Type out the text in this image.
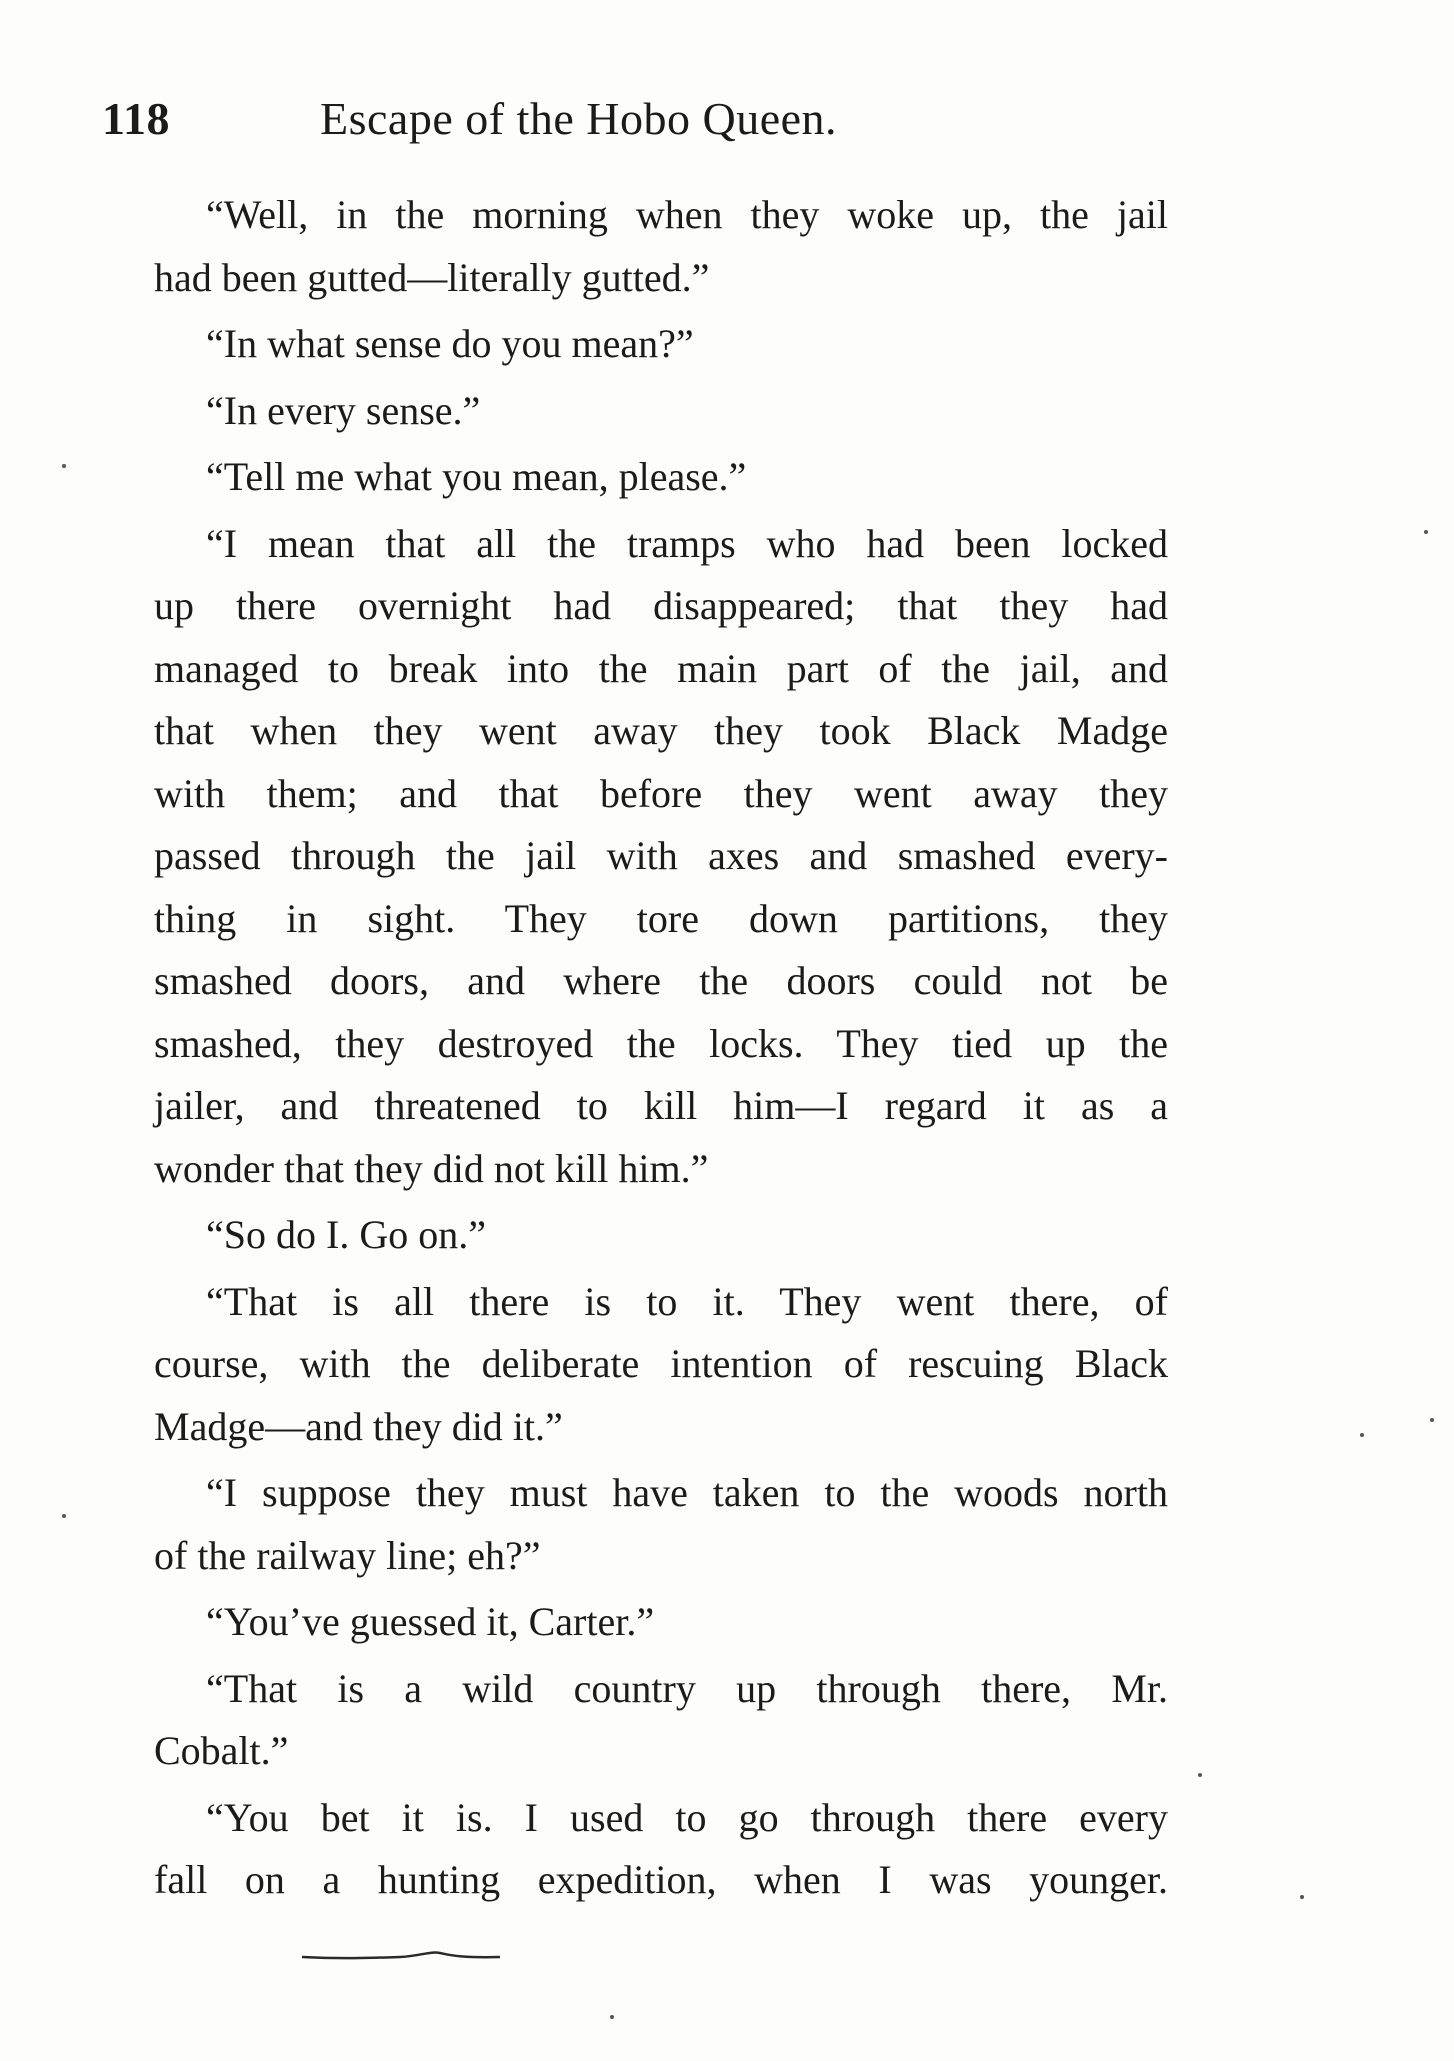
118	Escape of the Hobo Queen.
“Well, in the morning when they woke up, the jail
had been gutted—literally gutted.”
“In what sense do you mean?”
“In every sense.”
“Tell me what you mean, please.”
“I mean that all the tramps who had been locked
up there overnight had disappeared; that they had
managed to break into the main part of the jail, and
that when they went away they took Black Madge
with them; and that before they went away they
passed through the jail with axes and smashed every-
thing in sight. They tore down partitions, they
smashed doors, and where the doors could not be
smashed, they destroyed the locks. They tied up the
jailer, and threatened to kill him—I regard it as a
wonder that they did not kill him.”
“So do I. Go on.”
“That is all there is to it. They went there, of
course, with the deliberate intention of rescuing Black
Madge—and they did it.”
“I suppose they must have taken to the woods north
of the railway line; eh?”
“You’ve guessed it, Carter.”
“That is a wild country up through there, Mr.
Cobalt.”
“You bet it is. I used to go through there every
fall on a hunting expedition, when I was younger.
